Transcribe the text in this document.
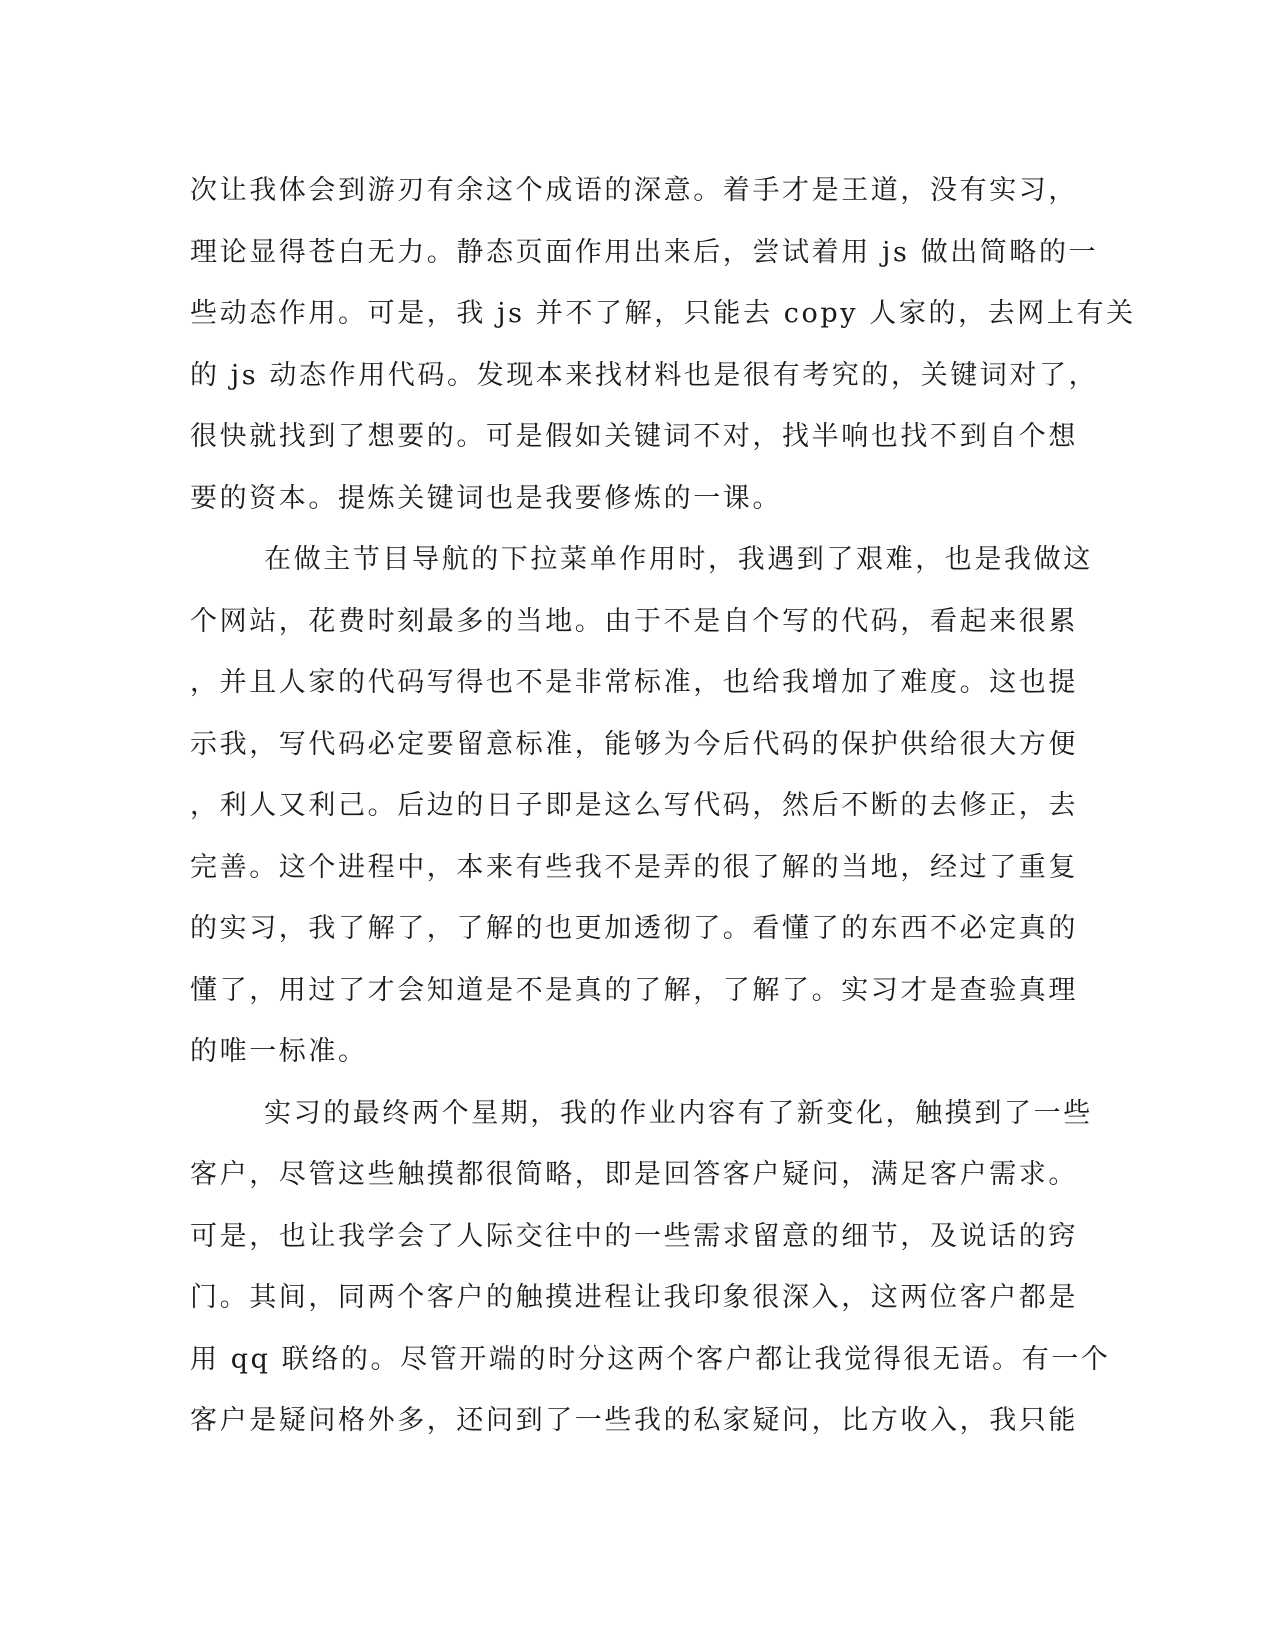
次让我体会到游刃有余这个成语的深意。着手才是王道，没有实习，
理论显得苍白无力。静态页面作用出来后，尝试着用 js 做出简略的一
些动态作用。可是，我 js 并不了解，只能去 copy 人家的，去网上有关
的 js 动态作用代码。发现本来找材料也是很有考究的，关键词对了，
很快就找到了想要的。可是假如关键词不对，找半响也找不到自个想
要的资本。提炼关键词也是我要修炼的一课。
在做主节目导航的下拉菜单作用时，我遇到了艰难，也是我做这
个网站，花费时刻最多的当地。由于不是自个写的代码，看起来很累
，并且人家的代码写得也不是非常标准，也给我增加了难度。这也提
示我，写代码必定要留意标准，能够为今后代码的保护供给很大方便
，利人又利己。后边的日子即是这么写代码，然后不断的去修正，去
完善。这个进程中，本来有些我不是弄的很了解的当地，经过了重复
的实习，我了解了，了解的也更加透彻了。看懂了的东西不必定真的
懂了，用过了才会知道是不是真的了解，了解了。实习才是查验真理
的唯一标准。
实习的最终两个星期，我的作业内容有了新变化，触摸到了一些
客户，尽管这些触摸都很简略，即是回答客户疑问，满足客户需求。
可是，也让我学会了人际交往中的一些需求留意的细节，及说话的窍
门。其间，同两个客户的触摸进程让我印象很深入，这两位客户都是
用 qq 联络的。尽管开端的时分这两个客户都让我觉得很无语。有一个
客户是疑问格外多，还问到了一些我的私家疑问，比方收入，我只能
